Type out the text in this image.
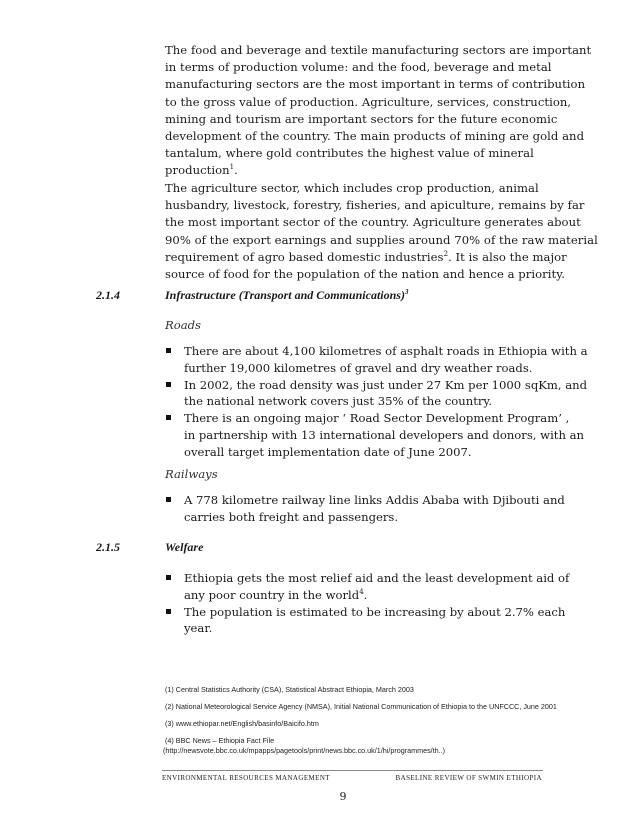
The food and beverage and textile manufacturing sectors are important
in terms of production volume: and the food, beverage and metal
manufacturing sectors are the most important in terms of contribution
to the gross value of production. Agriculture, services, construction,
mining and tourism are important sectors for the future economic
development of the country. The main products of mining are gold and
tantalum, where gold contributes the highest value of mineral
production$^1$.

The agriculture sector, which includes crop production, animal
husbandry, livestock, forestry, fisheries, and apiculture, remains by far
the most important sector of the country. Agriculture generates about
90% of the export earnings and supplies around 70% of the raw material
requirement of agro based domestic industries$^2$. It is also the major
source of food for the population of the nation and hence a priority.

2.1.4	Infrastructure (Transport and Communications)$^3$
Roads
There are about 4,100 kilometres of asphalt roads in Ethiopia with a
further 19,000 kilometres of gravel and dry weather roads.
In 2002, the road density was just under 27 Km per 1000 sqKm, and
the national network covers just 35% of the country.
There is an ongoing major ‘ Road Sector Development Program’ ,
in partnership with 13 international developers and donors, with an
overall target implementation date of June 2007.
Railways
A 778 kilometre railway line links Addis Ababa with Djibouti and
carries both freight and passengers.
2.1.5	Welfare
Ethiopia gets the most relief aid and the least development aid of
any poor country in the world$^4$.
The population is estimated to be increasing by about 2.7% each
year.
(1) Central Statistics Authority (CSA), Statistical Abstract Ethiopia, March 2003
(2) National Meteorological Service Agency (NMSA), Initial National Communication of Ethiopia to the UNFCCC, June 2001
(3) www.ethiopar.net/English/basinfo/Baicifo.htm
(4) BBC News – Ethiopia Fact File
(http://newsvote.bbc.co.uk/mpapps/pagetools/print/news.bbc.co.uk/1/hi/programmes/th..)
ENVIRONMENTAL RESOURCES MANAGEMENT	BASELINE REVIEW OF SWMIN ETHIOPIA
9
